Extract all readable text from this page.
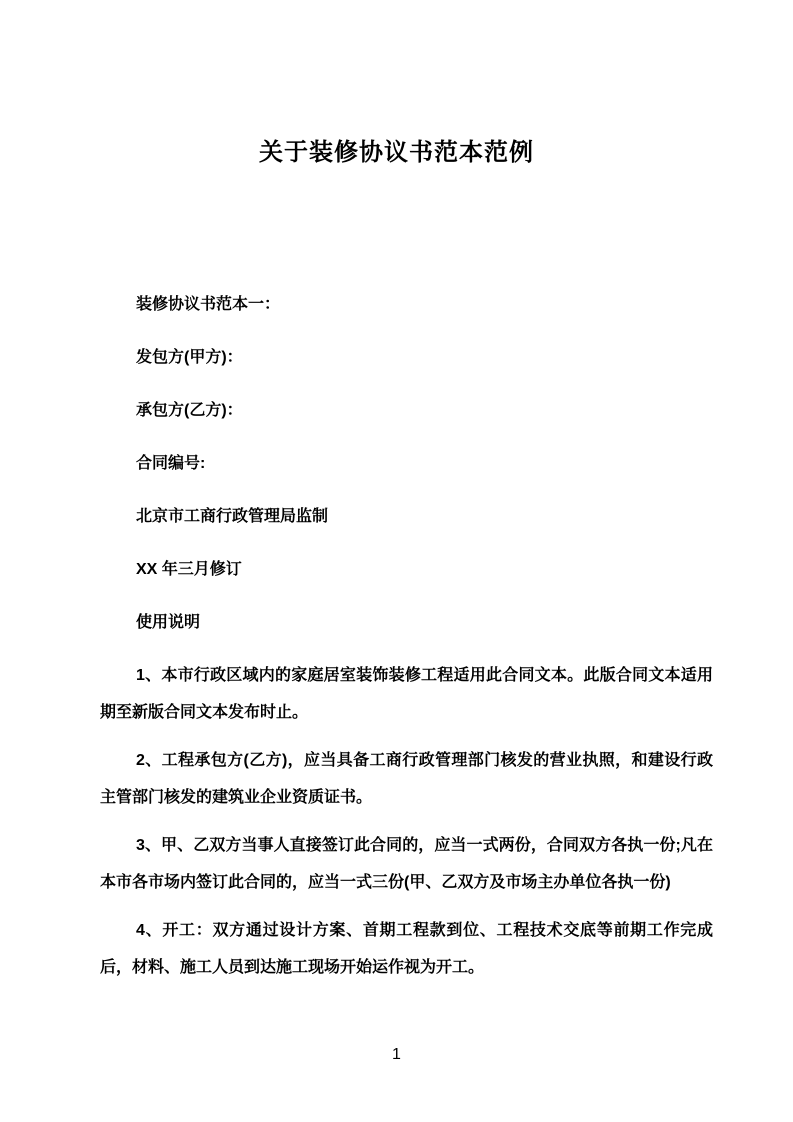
关于装修协议书范本范例
装修协议书范本一：
发包方(甲方)：
承包方(乙方)：
合同编号:
北京市工商行政管理局监制
XX 年三月修订
使用说明

1、本市行政区域内的家庭居室装饰装修工程适用此合同文本。此版合同文本适用期至新版合同文本发布时止。

2、工程承包方(乙方)，应当具备工商行政管理部门核发的营业执照，和建设行政主管部门核发的建筑业企业资质证书。

3、甲、乙双方当事人直接签订此合同的，应当一式两份，合同双方各执一份;凡在本市各市场内签订此合同的，应当一式三份(甲、乙双方及市场主办单位各执一份)

4、开工：双方通过设计方案、首期工程款到位、工程技术交底等前期工作完成后，材料、施工人员到达施工现场开始运作视为开工。

1
